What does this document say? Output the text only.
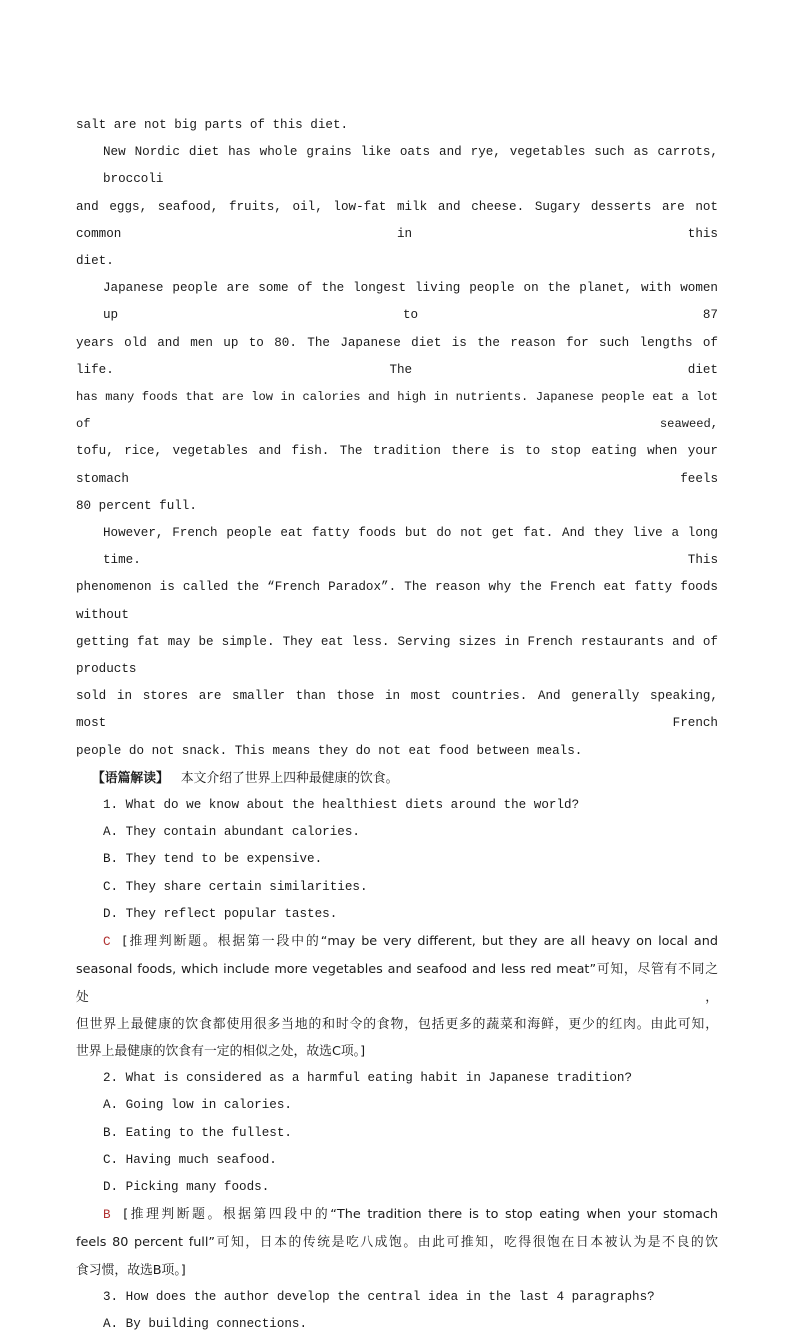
salt are not big parts of this diet.
New Nordic diet has whole grains like oats and rye, vegetables such as carrots, broccoli
and eggs, seafood, fruits, oil, low-fat milk and cheese. Sugary desserts are not common in this
diet.
Japanese people are some of the longest living people on the planet, with women up to 87
years old and men up to 80. The Japanese diet is the reason for such lengths of life. The diet
has many foods that are low in calories and high in nutrients. Japanese people eat a lot of seaweed,
tofu, rice, vegetables and fish. The tradition there is to stop eating when your stomach feels
80 percent full.
However, French people eat fatty foods but do not get fat. And they live a long time. This
phenomenon is called the “French Paradox”. The reason why the French eat fatty foods without
getting fat may be simple. They eat less. Serving sizes in French restaurants and of products
sold in stores are smaller than those in most countries. And generally speaking, most French
people do not snack. This means they do not eat food between meals.
【语篇解读】 本文介绍了世界上四种最健康的饮食。
1. What do we know about the healthiest diets around the world?
A. They contain abundant calories.
B. They tend to be expensive.
C. They share certain similarities.
D. They reflect popular tastes.
C [推理判断题。根据第一段中的“may be very different, but they are all heavy on local and
seasonal foods, which include more vegetables and seafood and less red meat”可知，尽管有不同之处，
但世界上最健康的饮食都使用很多当地的和时令的食物，包括更多的蔬菜和海鲜，更少的红肉。由此可知，
世界上最健康的饮食有一定的相似之处，故选C项。]
2. What is considered as a harmful eating habit in Japanese tradition?
A. Going low in calories.
B. Eating to the fullest.
C. Having much seafood.
D. Picking many foods.
B [推理判断题。根据第四段中的“The tradition there is to stop eating when your stomach
feels 80 percent full”可知，日本的传统是吃八成饱。由此可推知，吃得很饱在日本被认为是不良的饮
食习惯，故选B项。]
3. How does the author develop the central idea in the last 4 paragraphs?
A. By building connections.
